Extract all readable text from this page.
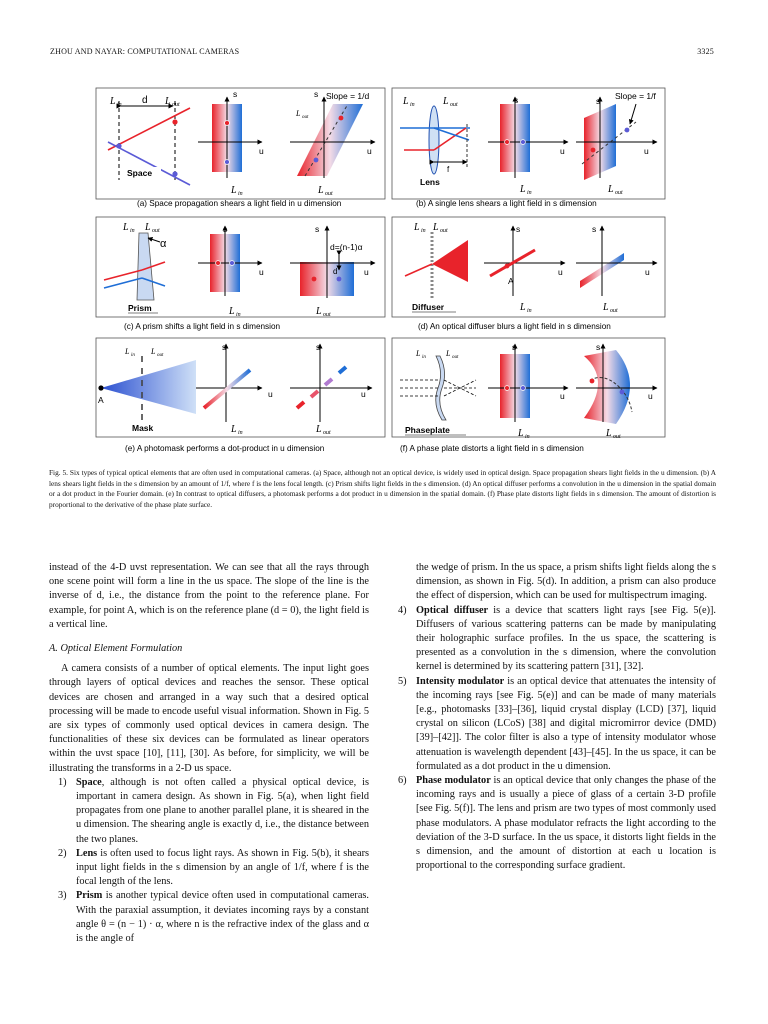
ZHOU AND NAYAR: COMPUTATIONAL CAMERAS	3325
L in	L out
d
Space
s
u
L in
s Slope = 1/d
L out
u
L out
(a) Space propagation shears a light field in u dimension
f
L in	L out
Lens
s
u
L in
s Slope = 1/f
u
L out
(b) A single lens shears a light field in s dimension
α
L in L out
Prism
s
u
L in
s
d=(n-1)α
d	u
L out
(c) A prism shifts a light field in s dimension
L in L out
Diffuser
s
A
u
L in
s
u
L out
(d) An optical diffuser blurs a light field in s dimension
A
L in L out
Mask
s
u
L in
s
u
L out
(e) A photomask performs a dot-product in u dimension
L in	L out
Phaseplate
s
u
L in
s
u
L out
(f) A phase plate distorts a light field in s dimension
Fig. 5. Six types of typical optical elements that are often used in computational cameras. (a) Space, although not an optical device, is widely used in optical design. Space propagation shears light fields in the u dimension. (b) A lens shears light fields in the s dimension by an amount of 1/f, where f is the lens focal length. (c) Prism shifts light fields in the s dimension. (d) An optical diffuser performs a convolution in the u dimension in the spatial domain or a dot product in the Fourier domain. (e) In contrast to optical diffusers, a photomask performs a dot product in u dimension in the spatial domain. (f) Phase plate distorts light fields in s dimension. The amount of distortion is proportional to the derivative of the phase plate surface.

instead of the 4-D uvst representation. We can see that all the rays through one scene point will form a line in the us space. The slope of the line is the inverse of d, i.e., the distance from the point to the reference plane. For example, for point A, which is on the reference plane (d = 0), the light field is a vertical line.

A. Optical Element Formulation

A camera consists of a number of optical elements. The input light goes through layers of optical devices and reaches the sensor. These optical devices are chosen and arranged in a way such that a desired optical processing will be made to encode useful visual information. Shown in Fig. 5 are six types of commonly used optical devices in camera design. The functionalities of these six devices can be formulated as linear operators within the uvst space [10], [11], [30]. As before, for simplicity, we will be illustrating the transforms in a 2-D us space.

1) Space, although is not often called a physical optical device, is important in camera design. As shown in Fig. 5(a), when light field propagates from one plane to another parallel plane, it is sheared in the u dimension. The shearing angle is exactly d, i.e., the distance between the two planes.

2) Lens is often used to focus light rays. As shown in Fig. 5(b), it shears input light fields in the s dimension by an angle of 1/f, where f is the focal length of the lens.

3) Prism is another typical device often used in computational cameras. With the paraxial assumption, it deviates incoming rays by a constant angle θ = (n − 1) · α, where n is the refractive index of the glass and α is the angle of

the wedge of prism. In the us space, a prism shifts light fields along the s dimension, as shown in Fig. 5(d). In addition, a prism can also produce the effect of dispersion, which can be used for multispectrum imaging.

4) Optical diffuser is a device that scatters light rays [see Fig. 5(e)]. Diffusers of various scattering patterns can be made by manipulating their holographic surface profiles. In the us space, the scattering is presented as a convolution in the s dimension, where the convolution kernel is determined by its scattering pattern [31], [32].

5) Intensity modulator is an optical device that attenuates the intensity of the incoming rays [see Fig. 5(e)] and can be made of many materials [e.g., photomasks [33]–[36], liquid crystal display (LCD) [37], liquid crystal on silicon (LCoS) [38] and digital micromirror device (DMD) [39]–[42]]. The color filter is also a type of intensity modulator whose attenuation is wavelength dependent [43]–[45]. In the us space, it can be formulated as a dot product in the u dimension.

6) Phase modulator is an optical device that only changes the phase of the incoming rays and is usually a piece of glass of a certain 3-D profile [see Fig. 5(f)]. The lens and prism are two types of most commonly used phase modulators. A phase modulator refracts the light according to the deviation of the 3-D surface. In the us space, it distorts light fields in the s dimension, and the amount of distortion at each u location is proportional to the corresponding surface gradient.
